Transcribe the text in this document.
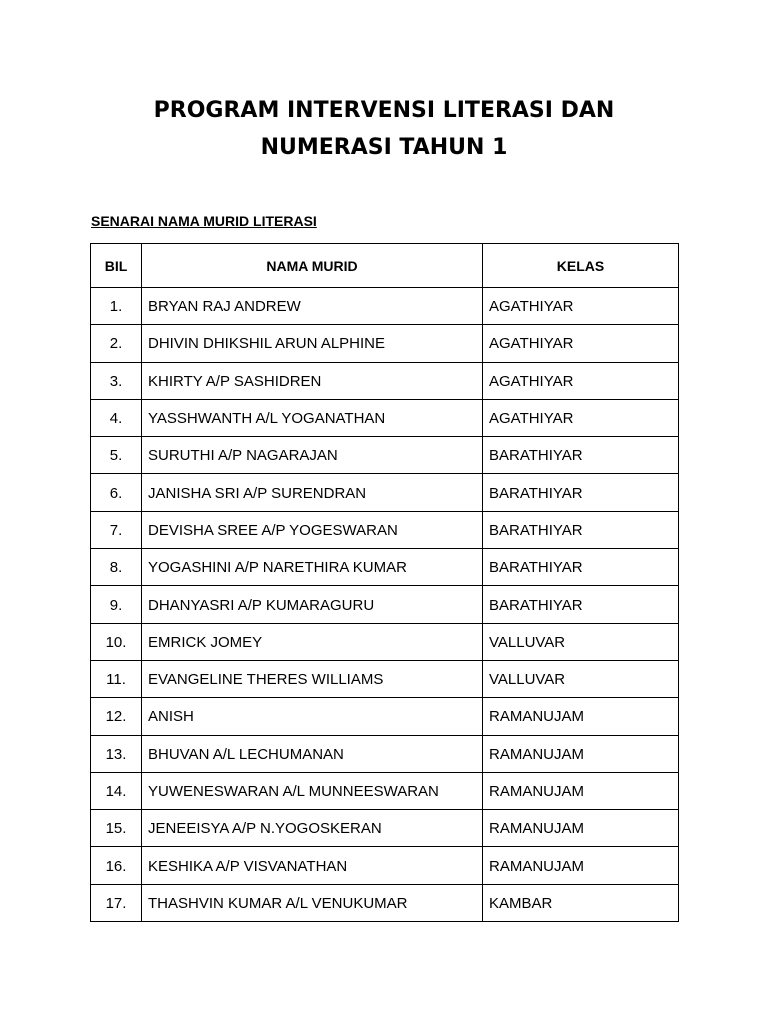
PROGRAM INTERVENSI LITERASI DAN
NUMERASI TAHUN 1

SENARAI NAMA MURID LITERASI

BIL	NAMA MURID	KELAS
1.	BRYAN RAJ ANDREW	AGATHIYAR
2.	DHIVIN DHIKSHIL ARUN ALPHINE	AGATHIYAR
3.	KHIRTY A/P SASHIDREN	AGATHIYAR
4.	YASSHWANTH A/L YOGANATHAN	AGATHIYAR
5.	SURUTHI A/P NAGARAJAN	BARATHIYAR
6.	JANISHA SRI A/P SURENDRAN	BARATHIYAR
7.	DEVISHA SREE A/P YOGESWARAN	BARATHIYAR
8.	YOGASHINI A/P NARETHIRA KUMAR	BARATHIYAR
9.	DHANYASRI A/P KUMARAGURU	BARATHIYAR
10.	EMRICK JOMEY	VALLUVAR
11.	EVANGELINE THERES WILLIAMS	VALLUVAR
12.	ANISH	RAMANUJAM
13.	BHUVAN A/L LECHUMANAN	RAMANUJAM
14.	YUWENESWARAN A/L MUNNEESWARAN	RAMANUJAM
15.	JENEEISYA A/P N.YOGOSKERAN	RAMANUJAM
16.	KESHIKA A/P VISVANATHAN	RAMANUJAM
17.	THASHVIN KUMAR A/L VENUKUMAR	KAMBAR
